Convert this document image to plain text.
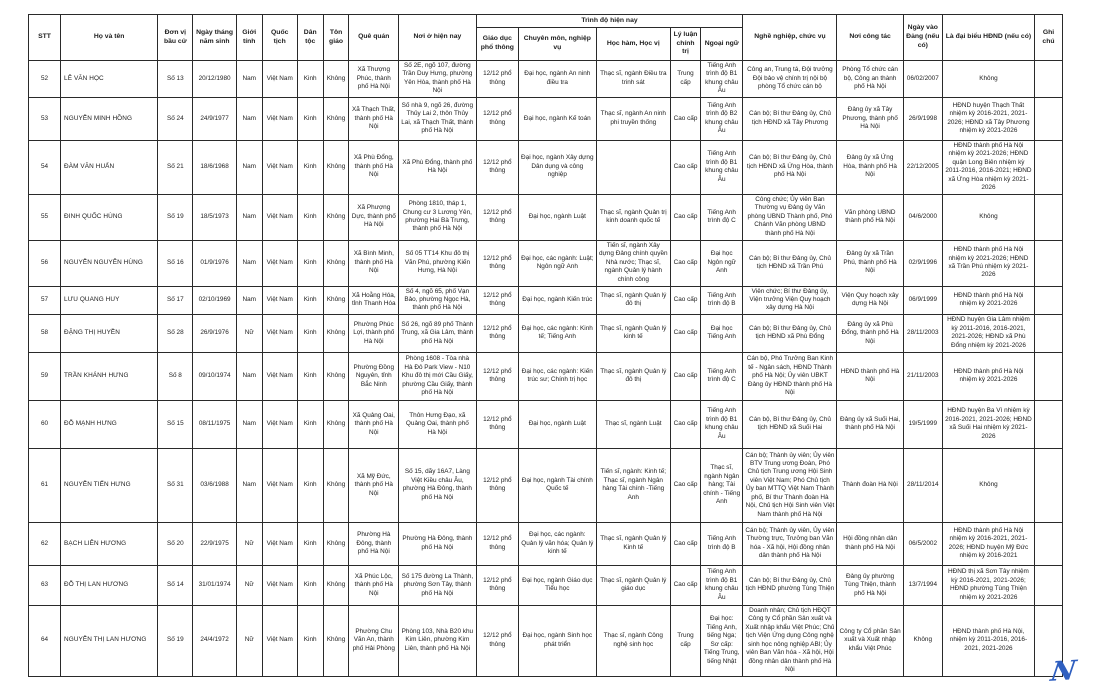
STT	Họ và tên	Đơn vị bầu cử	Ngày tháng năm sinh	Giới tính	Quốc tịch	Dân tộc	Tôn giáo	Quê quán	Nơi ở hiện nay	Trình độ hiện nay					Nghề nghiệp, chức vụ	Nơi công tác	Ngày vào Đảng (nếu có)	Là đại biểu HĐND (nếu có)	Ghi chú
										Giáo dục phổ thông	Chuyên môn, nghiệp vụ	Học hàm, Học vị	Lý luận chính trị	Ngoại ngữ					
52	LÊ VĂN HỌC	Số 13	20/12/1980	Nam	Việt Nam	Kinh	Không	Xã Thượng Phúc, thành phố Hà Nội	Số 2E, ngõ 107, đường Trần Duy Hưng, phường Yên Hòa, thành phố Hà Nội	12/12 phổ thông	Đại học, ngành An ninh điều tra	Thạc sĩ, ngành Điều tra trinh sát	Trung cấp	Tiếng Anh trình độ B1 khung châu Âu	Công an, Trung tá, Đội trưởng Đội bảo vệ chính trị nội bộ phòng Tổ chức cán bộ	Phòng Tổ chức cán bộ, Công an thành phố Hà Nội	06/02/2007	Không	
53	NGUYỄN MINH HỒNG	Số 24	24/9/1977	Nam	Việt Nam	Kinh	Không	Xã Thạch Thất, thành phố Hà Nội	Số nhà 9, ngõ 26, đường Thủy Lai 2, thôn Thủy Lai, xã Thạch Thất, thành phố Hà Nội	12/12 phổ thông	Đại học, ngành Kế toán	Thạc sĩ, ngành An ninh phi truyền thống	Cao cấp	Tiếng Anh trình độ B2 khung châu Âu	Cán bộ; Bí thư Đảng ủy, Chủ tịch HĐND xã Tây Phương	Đảng ủy xã Tây Phương, thành phố Hà Nội	26/9/1998	HĐND huyện Thạch Thất nhiệm kỳ 2016-2021, 2021-2026; HĐND xã Tây Phương nhiệm kỳ 2021-2026	
54	ĐÀM VĂN HUẤN	Số 21	18/6/1968	Nam	Việt Nam	Kinh	Không	Xã Phù Đổng, thành phố Hà Nội	Xã Phù Đổng, thành phố Hà Nội	12/12 phổ thông	Đại học, ngành Xây dựng Dân dụng và công nghiệp		Cao cấp	Tiếng Anh trình độ B1 khung châu Âu	Cán bộ; Bí thư Đảng ủy, Chủ tịch HĐND xã Ứng Hòa, thành phố Hà Nội	Đảng ủy xã Ứng Hòa, thành phố Hà Nội	22/12/2005	HĐND thành phố Hà Nội nhiệm kỳ 2021-2026; HĐND quận Long Biên nhiệm kỳ 2011-2016, 2016-2021; HĐND xã Ứng Hòa nhiệm kỳ 2021-2026	
55	ĐINH QUỐC HÙNG	Số 19	18/5/1973	Nam	Việt Nam	Kinh	Không	Xã Phượng Dực, thành phố Hà Nội	Phòng 1810, tháp 1, Chung cư 3 Lương Yên, phường Hai Bà Trưng, thành phố Hà Nội	12/12 phổ thông	Đại học, ngành Luật	Thạc sĩ, ngành Quản trị kinh doanh quốc tế	Cao cấp	Tiếng Anh trình độ C	Công chức; Ủy viên Ban Thường vụ Đảng ủy Văn phòng UBND Thành phố, Phó Chánh Văn phòng UBND thành phố Hà Nội	Văn phòng UBND thành phố Hà Nội	04/6/2000	Không	
56	NGUYỄN NGUYÊN HÙNG	Số 16	01/9/1976	Nam	Việt Nam	Kinh	Không	Xã Bình Minh, thành phố Hà Nội	Số 05 TT14 Khu đô thị Văn Phú, phường Kiến Hưng, Hà Nội	12/12 phổ thông	Đại học, các ngành: Luật; Ngôn ngữ Anh	Tiến sĩ, ngành Xây dựng Đảng chính quyền Nhà nước; Thạc sĩ, ngành Quản lý hành chính công	Cao cấp	Đại học Ngôn ngữ Anh	Cán bộ; Bí thư Đảng ủy, Chủ tịch HĐND xã Trần Phú	Đảng ủy xã Trần Phú, thành phố Hà Nội	02/9/1996	HĐND thành phố Hà Nội nhiệm kỳ 2021-2026; HĐND xã Trần Phú nhiệm kỳ 2021-2026	
57	LƯU QUANG HUY	Số 17	02/10/1969	Nam	Việt Nam	Kinh	Không	Xã Hoằng Hóa, tỉnh Thanh Hóa	Số 4, ngõ 65, phố Vạn Bảo, phường Ngọc Hà, thành phố Hà Nội	12/12 phổ thông	Đại học, ngành Kiến trúc	Thạc sĩ, ngành Quản lý đô thị	Cao cấp	Tiếng Anh trình độ B	Viên chức; Bí thư Đảng ủy, Viện trưởng Viện Quy hoạch xây dựng Hà Nội	Viện Quy hoạch xây dựng Hà Nội	06/9/1999	HĐND thành phố Hà Nội nhiệm kỳ 2021-2026	
58	ĐẶNG THỊ HUYỀN	Số 28	26/9/1976	Nữ	Việt Nam	Kinh	Không	Phường Phúc Lợi, thành phố Hà Nội	Số 26, ngõ 89 phố Thành Trung, xã Gia Lâm, thành phố Hà Nội	12/12 phổ thông	Đại học, các ngành: Kinh tế; Tiếng Anh	Thạc sĩ, ngành Quản lý kinh tế	Cao cấp	Đại học Tiếng Anh	Cán bộ; Bí thư Đảng ủy, Chủ tịch HĐND xã Phù Đổng	Đảng ủy xã Phù Đổng, thành phố Hà Nội	28/11/2003	HĐND huyện Gia Lâm nhiệm kỳ 2011-2016, 2016-2021, 2021-2026; HĐND xã Phù Đổng nhiệm kỳ 2021-2026	
59	TRẦN KHÁNH HƯNG	Số 8	09/10/1974	Nam	Việt Nam	Kinh	Không	Phường Đồng Nguyên, tỉnh Bắc Ninh	Phòng 1608 - Tòa nhà Hà Đô Park View - N10 Khu đô thị mới Cầu Giấy, phường Cầu Giấy, thành phố Hà Nội	12/12 phổ thông	Đại học, các ngành: Kiến trúc sư; Chính trị học	Thạc sĩ, ngành Quản lý đô thị	Cao cấp	Tiếng Anh trình độ C	Cán bộ, Phó Trưởng Ban Kinh tế - Ngân sách, HĐND Thành phố Hà Nội; Ủy viên UBKT Đảng ủy HĐND thành phố Hà Nội	HĐND thành phố Hà Nội	21/11/2003	HĐND thành phố Hà Nội nhiệm kỳ 2021-2026	
60	ĐỖ MẠNH HƯNG	Số 15	08/11/1975	Nam	Việt Nam	Kinh	Không	Xã Quảng Oai, thành phố Hà Nội	Thôn Hưng Đạo, xã Quảng Oai, thành phố Hà Nội	12/12 phổ thông	Đại học, ngành Luật	Thạc sĩ, ngành Luật	Cao cấp	Tiếng Anh trình độ B1 khung châu Âu	Cán bộ, Bí thư Đảng ủy, Chủ tịch HĐND xã Suối Hai	Đảng ủy xã Suối Hai, thành phố Hà Nội	19/5/1999	HĐND huyện Ba Vì nhiệm kỳ 2016-2021, 2021-2026; HĐND xã Suối Hai nhiệm kỳ 2021-2026	
61	NGUYỄN TIẾN HƯNG	Số 31	03/6/1988	Nam	Việt Nam	Kinh	Không	Xã Mỹ Đức, thành phố Hà Nội	Số 15, dãy 16A7, Làng Việt Kiều châu Âu, phường Hà Đông, thành phố Hà Nội	12/12 phổ thông	Đại học, ngành Tài chính Quốc tế	Tiến sĩ, ngành: Kinh tế; Thạc sĩ, ngành Ngân hàng Tài chính -Tiếng Anh	Cao cấp	Thạc sĩ, ngành Ngân hàng; Tài chính - Tiếng Anh	Cán bộ; Thành ủy viên; Ủy viên BTV Trung ương Đoàn, Phó Chủ tịch Trung ương Hội Sinh viên Việt Nam; Phó Chủ tịch Ủy ban MTTQ Việt Nam Thành phố, Bí thư Thành đoàn Hà Nội, Chủ tịch Hội Sinh viên Việt Nam thành phố Hà Nội	Thành đoàn Hà Nội	28/11/2014	Không	
62	BẠCH LIÊN HƯƠNG	Số 20	22/9/1975	Nữ	Việt Nam	Kinh	Không	Phường Hà Đông, thành phố Hà Nội	Phường Hà Đông, thành phố Hà Nội	12/12 phổ thông	Đại học, các ngành: Quản lý văn hóa; Quản lý kinh tế	Thạc sĩ, ngành Quản lý Kinh tế	Cao cấp	Tiếng Anh trình độ B	Cán bộ; Thành ủy viên, Ủy viên Thường trực, Trưởng ban Văn hóa - Xã hội, Hội đồng nhân dân thành phố Hà Nội	Hội đồng nhân dân thành phố Hà Nội	06/5/2002	HĐND thành phố Hà Nội nhiệm kỳ 2016-2021, 2021-2026; HĐND huyện Mỹ Đức nhiệm kỳ 2016-2021	
63	ĐỖ THỊ LAN HƯƠNG	Số 14	31/01/1974	Nữ	Việt Nam	Kinh	Không	Xã Phúc Lộc, thành phố Hà Nội	Số 175 đường La Thành, phường Sơn Tây, thành phố Hà Nội	12/12 phổ thông	Đại học, ngành Giáo dục Tiểu học	Thạc sĩ, ngành Quản lý giáo dục	Cao cấp	Tiếng Anh trình độ B1 khung châu Âu	Cán bộ; Bí thư Đảng ủy, Chủ tịch HĐND phường Tùng Thiện	Đảng ủy phường Tùng Thiện, thành phố Hà Nội	13/7/1994	HĐND thị xã Sơn Tây nhiệm kỳ 2016-2021, 2021-2026; HĐND phường Tùng Thiện nhiệm kỳ 2021-2026	
64	NGUYỄN THỊ LAN HƯƠNG	Số 19	24/4/1972	Nữ	Việt Nam	Kinh	Không	Phường Chu Văn An, thành phố Hải Phòng	Phòng 103, Nhà B20 khu Kim Liên, phường Kim Liên, thành phố Hà Nội	12/12 phổ thông	Đại học, ngành Sinh học phát triển	Thạc sĩ, ngành Công nghệ sinh học	Trung cấp	Đại học: Tiếng Anh, tiếng Nga; Sơ cấp: Tiếng Trung, tiếng Nhật	Doanh nhân; Chủ tịch HĐQT Công ty Cổ phần Sản xuất và Xuất nhập khẩu Việt Phúc; Chủ tịch Viện Ứng dụng Công nghệ sinh học nông nghiệp ABI; Ủy viên Ban Văn hóa - Xã hội, Hội đồng nhân dân thành phố Hà Nội	Công ty Cổ phần Sản xuất và Xuất nhập khẩu Việt Phúc	Không	HĐND thành phố Hà Nội, nhiệm kỳ 2011-2016, 2016-2021, 2021-2026	
N
